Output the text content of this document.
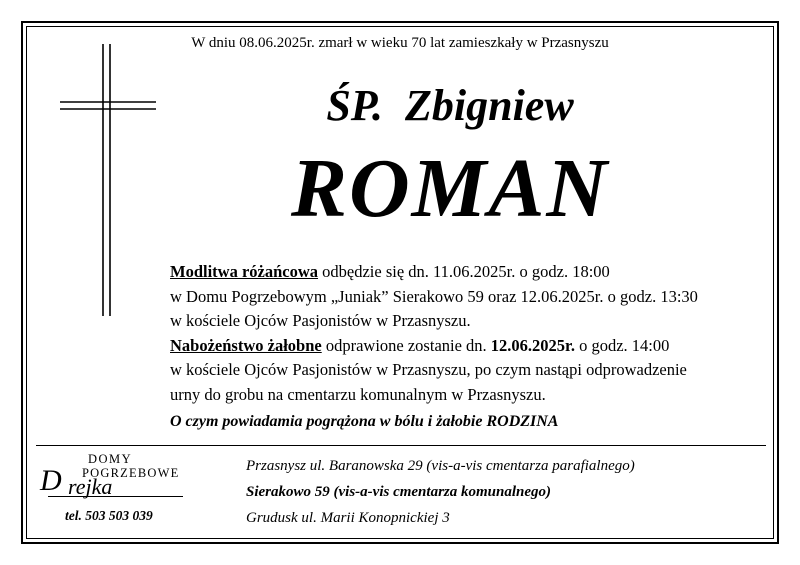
W dniu 08.06.2025r. zmarł w wieku 70 lat zamieszkały w Przasnyszu
ŚP. Zbigniew
ROMAN
Modlitwa różańcowa odbędzie się dn. 11.06.2025r. o godz. 18:00
w Domu Pogrzebowym „Juniak” Sierakowo 59 oraz 12.06.2025r. o godz. 13:30
w kościele Ojców Pasjonistów w Przasnyszu.
Nabożeństwo żałobne odprawione zostanie dn. 12.06.2025r. o godz. 14:00
w kościele Ojców Pasjonistów w Przasnyszu, po czym nastąpi odprowadzenie
urny do grobu na cmentarzu komunalnym w Przasnyszu.
O czym powiadamia pogrążona w bólu i żałobie RODZINA
DOMY
POGRZEBOWE
D rejka
tel. 503 503 039
Przasnysz ul. Baranowska 29 (vis-a-vis cmentarza parafialnego)
Sierakowo 59 (vis-a-vis cmentarza komunalnego)
Grudusk ul. Marii Konopnickiej 3
